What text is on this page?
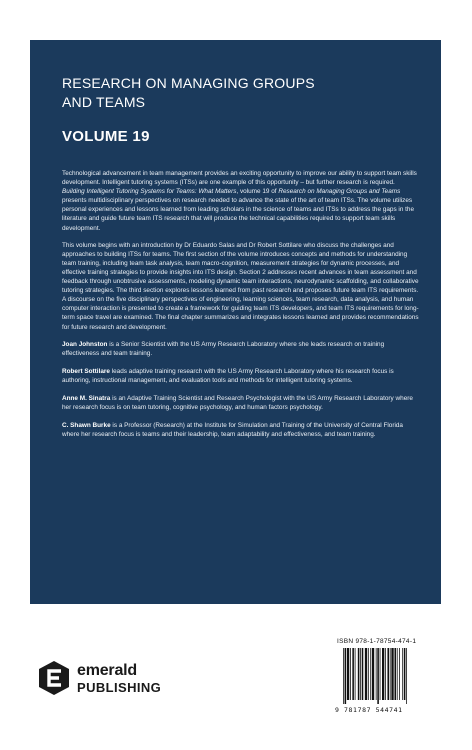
RESEARCH ON MANAGING GROUPS
AND TEAMS
VOLUME 19

Technological advancement in team management provides an exciting opportunity to improve our ability to support team skills development. Intelligent tutoring systems (ITSs) are one example of this opportunity – but further research is required. Building Intelligent Tutoring Systems for Teams: What Matters, volume 19 of Research on Managing Groups and Teams presents multidisciplinary perspectives on research needed to advance the state of the art of team ITSs. The volume utilizes personal experiences and lessons learned from leading scholars in the science of teams and ITSs to address the gaps in the literature and guide future team ITS research that will produce the technical capabilities required to support team skills development.

This volume begins with an introduction by Dr Eduardo Salas and Dr Robert Sottilare who discuss the challenges and approaches to building ITSs for teams. The first section of the volume introduces concepts and methods for understanding team training, including team task analysis, team macro-cognition, measurement strategies for dynamic processes, and effective training strategies to provide insights into ITS design. Section 2 addresses recent advances in team assessment and feedback through unobtrusive assessments, modeling dynamic team interactions, neurodynamic scaffolding, and collaborative tutoring strategies. The third section explores lessons learned from past research and proposes future team ITS requirements. A discourse on the five disciplinary perspectives of engineering, learning sciences, team research, data analysis, and human computer interaction is presented to create a framework for guiding team ITS developers, and team ITS requirements for long-term space travel are examined. The final chapter summarizes and integrates lessons learned and provides recommendations for future research and development.

Joan Johnston is a Senior Scientist with the US Army Research Laboratory where she leads research on training effectiveness and team training.

Robert Sottilare leads adaptive training research with the US Army Research Laboratory where his research focus is authoring, instructional management, and evaluation tools and methods for intelligent tutoring systems.

Anne M. Sinatra is an Adaptive Training Scientist and Research Psychologist with the US Army Research Laboratory where her research focus is on team tutoring, cognitive psychology, and human factors psychology.

C. Shawn Burke is a Professor (Research) at the Institute for Simulation and Training of the University of Central Florida where her research focus is teams and their leadership, team adaptability and effectiveness, and team training.

emerald
PUBLISHING
ISBN 978-1-78754-474-1
9 781787 544741
